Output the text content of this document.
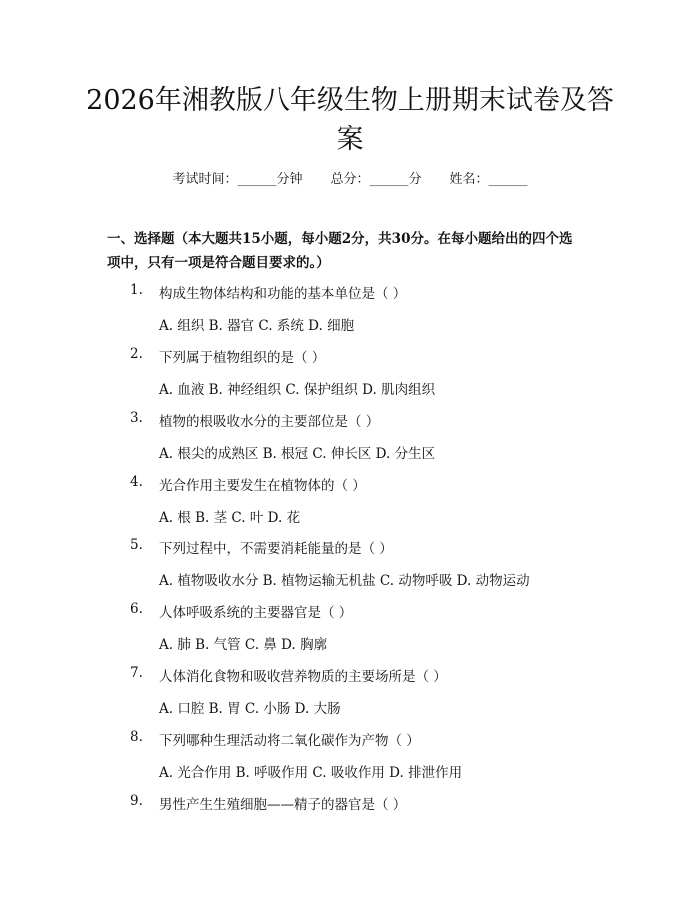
2026年湘教版八年级生物上册期末试卷及答
案
考试时间：______分钟 总分：______分 姓名：______
一、选择题（本大题共15小题，每小题2分，共30分。在每小题给出的四个选
项中，只有一项是符合题目要求的。）
1. 构成生物体结构和功能的基本单位是（ ）
A. 组织 B. 器官 C. 系统 D. 细胞
2. 下列属于植物组织的是（ ）
A. 血液 B. 神经组织 C. 保护组织 D. 肌肉组织
3. 植物的根吸收水分的主要部位是（ ）
A. 根尖的成熟区 B. 根冠 C. 伸长区 D. 分生区
4. 光合作用主要发生在植物体的（ ）
A. 根 B. 茎 C. 叶 D. 花
5. 下列过程中，不需要消耗能量的是（ ）
A. 植物吸收水分 B. 植物运输无机盐 C. 动物呼吸 D. 动物运动
6. 人体呼吸系统的主要器官是（ ）
A. 肺 B. 气管 C. 鼻 D. 胸廓
7. 人体消化食物和吸收营养物质的主要场所是（ ）
A. 口腔 B. 胃 C. 小肠 D. 大肠
8. 下列哪种生理活动将二氧化碳作为产物（ ）
A. 光合作用 B. 呼吸作用 C. 吸收作用 D. 排泄作用
9. 男性产生生殖细胞——精子的器官是（ ）
